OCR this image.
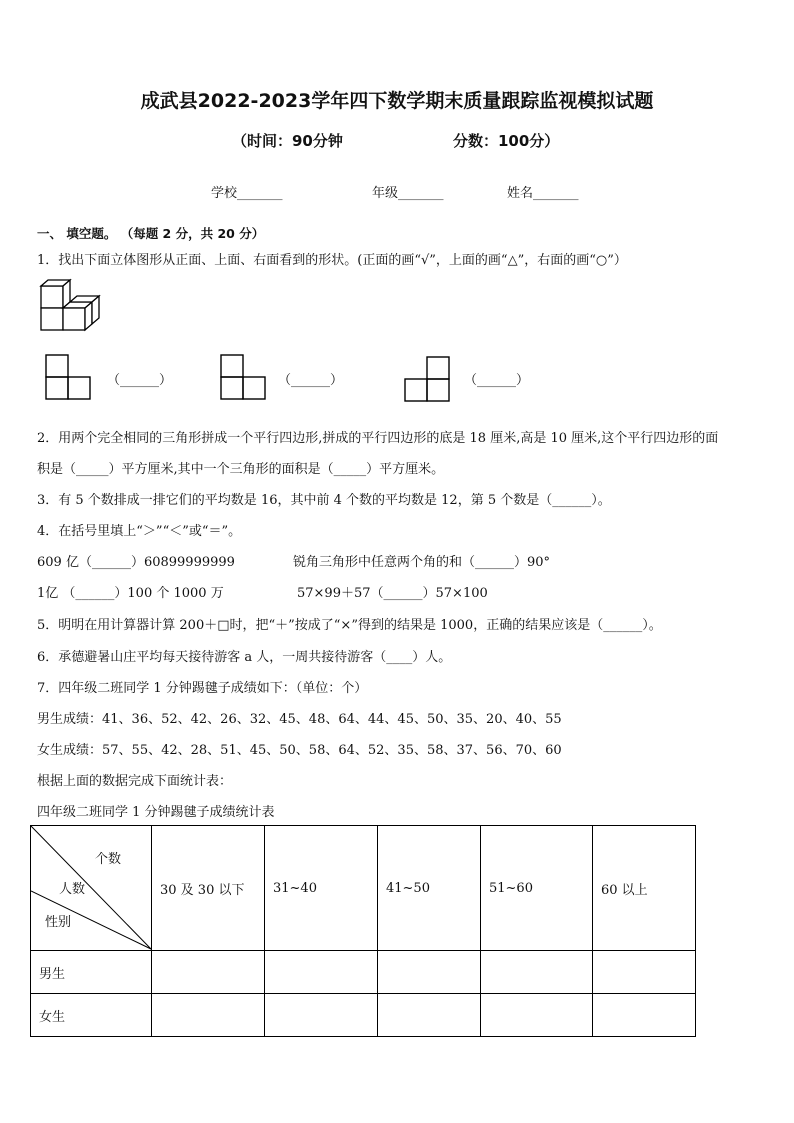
成武县2022-2023学年四下数学期末质量跟踪监视模拟试题
（时间：90分钟	分数：100分）
学校_______	年级_______	姓名_______
一、 填空题。 （每题 2 分，共 20 分）
1．找出下面立体图形从正面、上面、右面看到的形状。(正面的画“√”，上面的画“△”，右面的画“○”）
（______）	（______）	（______）
2．用两个完全相同的三角形拼成一个平行四边形,拼成的平行四边形的底是 18 厘米,高是 10 厘米,这个平行四边形的面
积是（_____）平方厘米,其中一个三角形的面积是（_____）平方厘米。
3．有 5 个数排成一排它们的平均数是 16，其中前 4 个数的平均数是 12，第 5 个数是（______）。
4．在括号里填上“＞”“＜”或“＝”。
609 亿（______）60899999999	锐角三角形中任意两个角的和（______）90°
1亿 （______）100 个 1000 万	57×99＋57（______）57×100
5．明明在用计算器计算 200＋□时，把“＋”按成了“×”得到的结果是 1000，正确的结果应该是（______）。
6．承德避暑山庄平均每天接待游客 a 人，一周共接待游客（____）人。
7．四年级二班同学 1 分钟踢毽子成绩如下：（单位：个）
男生成绩：41、36、52、42、26、32、45、48、64、44、45、50、35、20、40、55
女生成绩：57、55、42、28、51、45、50、58、64、52、35、58、37、56、70、60
根据上面的数据完成下面统计表：
四年级二班同学 1 分钟踢毽子成绩统计表
个数
人数
性别	30 及 30 以下	31~40	41~50	51~60	60 以上
男生					
女生					
